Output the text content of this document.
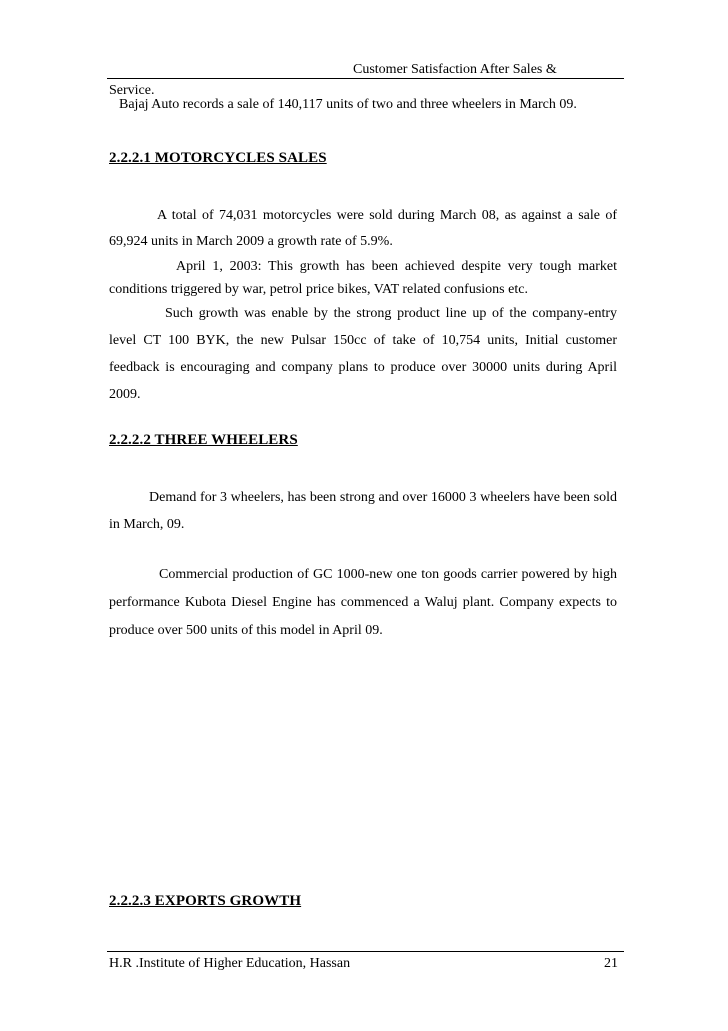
Customer Satisfaction After Sales &
Service.
Bajaj Auto records a sale of 140,117 units of two and three wheelers in March 09.
2.2.2.1 MOTORCYCLES SALES

A total of 74,031 motorcycles were sold during March 08, as against a sale of 69,924 units in March 2009 a growth rate of 5.9%.

April 1, 2003: This growth has been achieved despite very tough market conditions triggered by war, petrol price bikes, VAT related confusions etc.

Such growth was enable by the strong product line up of the company-entry level CT 100 BYK, the new Pulsar 150cc of take of 10,754 units, Initial customer feedback is encouraging and company plans to produce over 30000 units during April 2009.

2.2.2.2 THREE WHEELERS

Demand for 3 wheelers, has been strong and over 16000 3 wheelers have been sold in March, 09.

Commercial production of GC 1000-new one ton goods carrier powered by high performance Kubota Diesel Engine has commenced a Waluj plant. Company expects to produce over 500 units of this model in April 09.

2.2.2.3 EXPORTS GROWTH
H.R .Institute of Higher Education, Hassan	21
